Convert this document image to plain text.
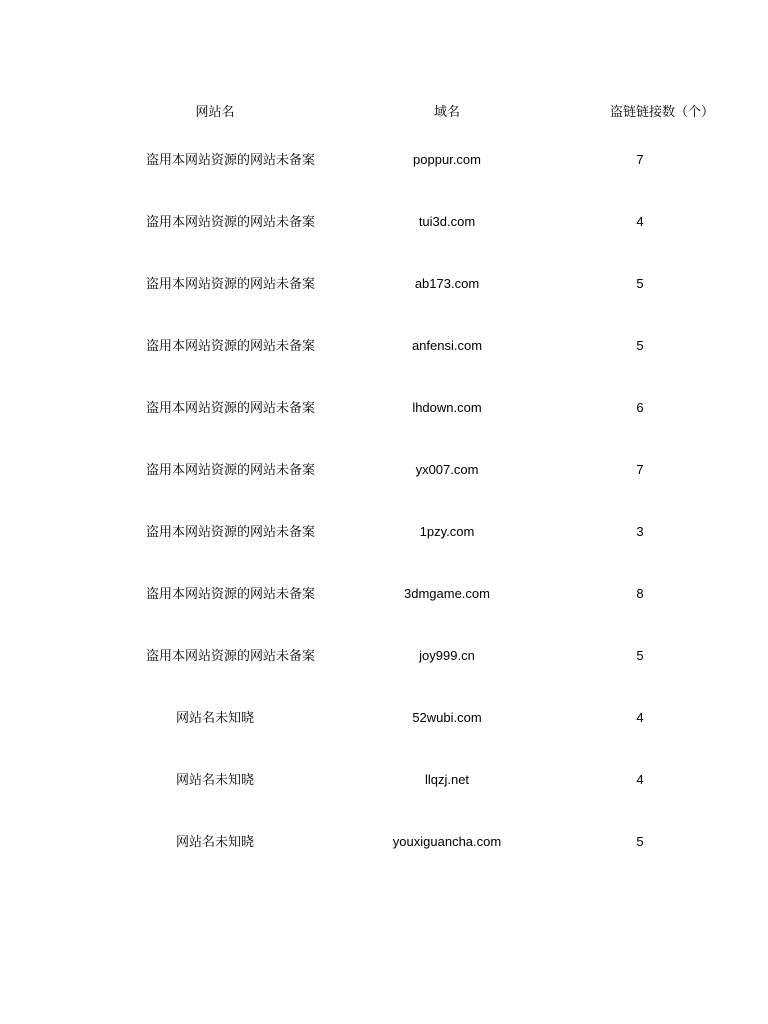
网站名	域名	盗链链接数（个）
盗用本网站资源的网站未备案	poppur.com	7
盗用本网站资源的网站未备案	tui3d.com	4
盗用本网站资源的网站未备案	ab173.com	5
盗用本网站资源的网站未备案	anfensi.com	5
盗用本网站资源的网站未备案	lhdown.com	6
盗用本网站资源的网站未备案	yx007.com	7
盗用本网站资源的网站未备案	1pzy.com	3
盗用本网站资源的网站未备案	3dmgame.com	8
盗用本网站资源的网站未备案	joy999.cn	5
网站名未知晓	52wubi.com	4
网站名未知晓	llqzj.net	4
网站名未知晓	youxiguancha.com	5
